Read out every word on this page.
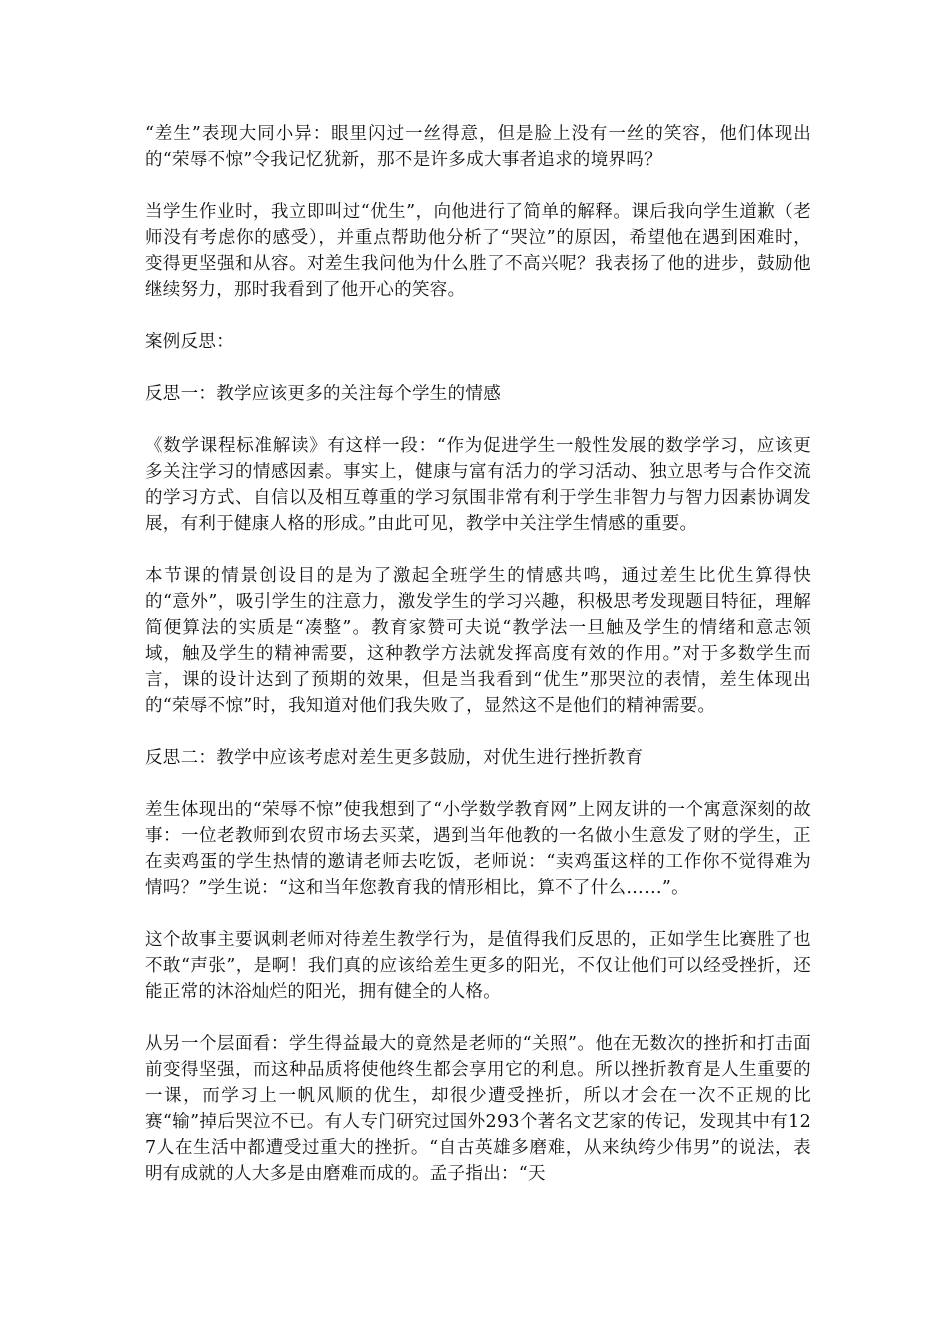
“差生”表现大同小异：眼里闪过一丝得意，但是脸上没有一丝的笑容，他们体现出的“荣辱不惊”令我记忆犹新，那不是许多成大事者追求的境界吗？

当学生作业时，我立即叫过“优生”，向他进行了简单的解释。课后我向学生道歉（老师没有考虑你的感受），并重点帮助他分析了“哭泣”的原因，希望他在遇到困难时，变得更坚强和从容。对差生我问他为什么胜了不高兴呢？我表扬了他的进步，鼓励他继续努力，那时我看到了他开心的笑容。

案例反思：

反思一：教学应该更多的关注每个学生的情感

《数学课程标准解读》有这样一段：“作为促进学生一般性发展的数学学习，应该更多关注学习的情感因素。事实上，健康与富有活力的学习活动、独立思考与合作交流的学习方式、自信以及相互尊重的学习氛围非常有利于学生非智力与智力因素协调发展，有利于健康人格的形成。”由此可见，教学中关注学生情感的重要。

本节课的情景创设目的是为了激起全班学生的情感共鸣，通过差生比优生算得快的“意外”，吸引学生的注意力，激发学生的学习兴趣，积极思考发现题目特征，理解简便算法的实质是“凑整”。教育家赞可夫说“教学法一旦触及学生的情绪和意志领域，触及学生的精神需要，这种教学方法就发挥高度有效的作用。”对于多数学生而言，课的设计达到了预期的效果，但是当我看到“优生”那哭泣的表情，差生体现出的“荣辱不惊”时，我知道对他们我失败了，显然这不是他们的精神需要。

反思二：教学中应该考虑对差生更多鼓励，对优生进行挫折教育

差生体现出的“荣辱不惊”使我想到了“小学数学教育网”上网友讲的一个寓意深刻的故事：一位老教师到农贸市场去买菜，遇到当年他教的一名做小生意发了财的学生，正在卖鸡蛋的学生热情的邀请老师去吃饭，老师说：“卖鸡蛋这样的工作你不觉得难为情吗？”学生说：“这和当年您教育我的情形相比，算不了什么……”。

这个故事主要讽刺老师对待差生教学行为，是值得我们反思的，正如学生比赛胜了也不敢“声张”，是啊！我们真的应该给差生更多的阳光，不仅让他们可以经受挫折，还能正常的沐浴灿烂的阳光，拥有健全的人格。

从另一个层面看：学生得益最大的竟然是老师的“关照”。他在无数次的挫折和打击面前变得坚强，而这种品质将使他终生都会享用它的利息。所以挫折教育是人生重要的一课，而学习上一帆风顺的优生，却很少遭受挫折，所以才会在一次不正规的比赛“输”掉后哭泣不已。有人专门研究过国外293个著名文艺家的传记，发现其中有127人在生活中都遭受过重大的挫折。“自古英雄多磨难，从来纨绔少伟男”的说法，表明有成就的人大多是由磨难而成的。孟子指出：“天
